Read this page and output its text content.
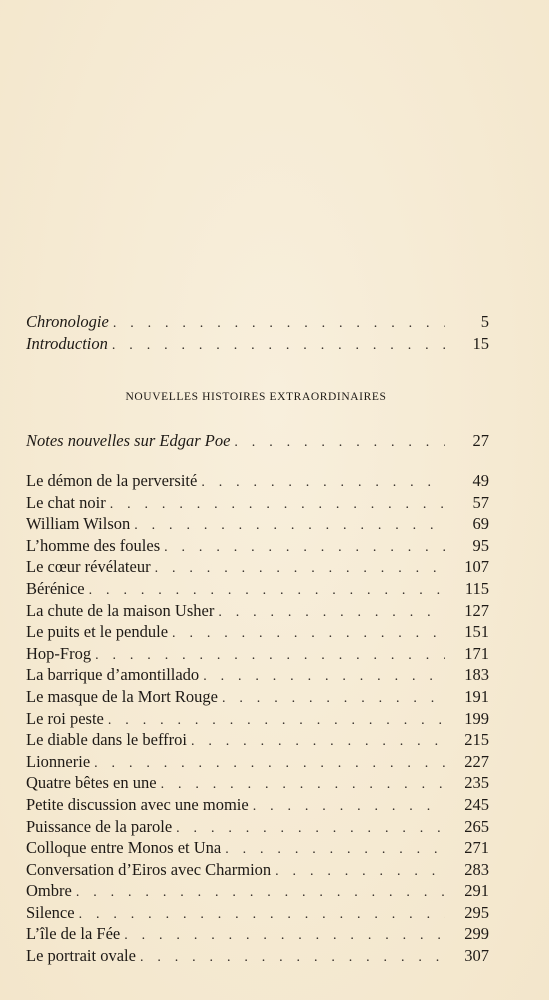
Chronologie . . .	5
Introduction . . .	15
NOUVELLES HISTOIRES EXTRAORDINAIRES
Notes nouvelles sur Edgar Poe . . .	27
Le démon de la perversité . . .	49
Le chat noir . . .	57
William Wilson . . .	69
L’homme des foules . . .	95
Le cœur révélateur . . .	107
Bérénice . . .	115
La chute de la maison Usher . . .	127
Le puits et le pendule . . .	151
Hop-Frog . . .	171
La barrique d’amontillado . . .	183
Le masque de la Mort Rouge . . .	191
Le roi peste . . .	199
Le diable dans le beffroi . . .	215
Lionnerie . . .	227
Quatre bêtes en une . . .	235
Petite discussion avec une momie . . .	245
Puissance de la parole . . .	265
Colloque entre Monos et Una . . .	271
Conversation d’Eiros avec Charmion . . .	283
Ombre . . .	291
Silence . . .	295
L’île de la Fée . . .	299
Le portrait ovale . . .	307
